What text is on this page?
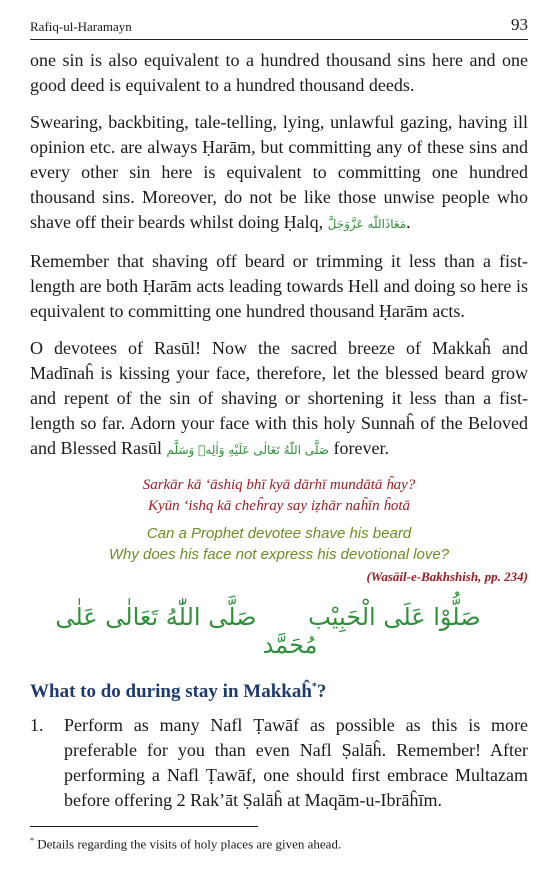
Rafiq-ul-Haramayn	93

one sin is also equivalent to a hundred thousand sins here and one good deed is equivalent to a hundred thousand deeds.

Swearing, backbiting, tale-telling, lying, unlawful gazing, having ill opinion etc. are always Ḥarām, but committing any of these sins and every other sin here is equivalent to committing one hundred thousand sins. Moreover, do not be like those unwise people who shave off their beards whilst doing Ḥalq, مَعَاذَاللّٰه عَزَّوَجَلَّ.

Remember that shaving off beard or trimming it less than a fist-length are both Ḥarām acts leading towards Hell and doing so here is equivalent to committing one hundred thousand Ḥarām acts.

O devotees of Rasūl! Now the sacred breeze of Makkaĥ and Madīnaĥ is kissing your face, therefore, let the blessed beard grow and repent of the sin of shaving or shortening it less than a fist-length so far. Adorn your face with this holy Sunnaĥ of the Beloved and Blessed Rasūl صَلَّى اللّٰهُ تَعَالٰى عَلَيْهِ وَاٰلِهٖ وَسَلَّم forever.

Sarkār kā ‘āshiq bhī kyā dārhī mundātā ĥay?
Kyūn ‘ishq kā cheĥray say iẓhār naĥīn ĥotā
Can a Prophet devotee shave his beard
Why does his face not express his devotional love?
(Wasāil-e-Bakhshish, pp. 234)
صَلُّوْا عَلَى الْحَبِيْب صَلَّى اللّٰهُ تَعَالٰى عَلٰى مُحَمَّد
What to do during stay in Makkaĥ*?
1.	Perform as many Nafl Ṭawāf as possible as this is more preferable for you than even Nafl Ṣalāĥ. Remember! After performing a Nafl Ṭawāf, one should first embrace Multazam before offering 2 Rak’āt Ṣalāĥ at Maqām-u-Ibrāĥīm.
* Details regarding the visits of holy places are given ahead.
